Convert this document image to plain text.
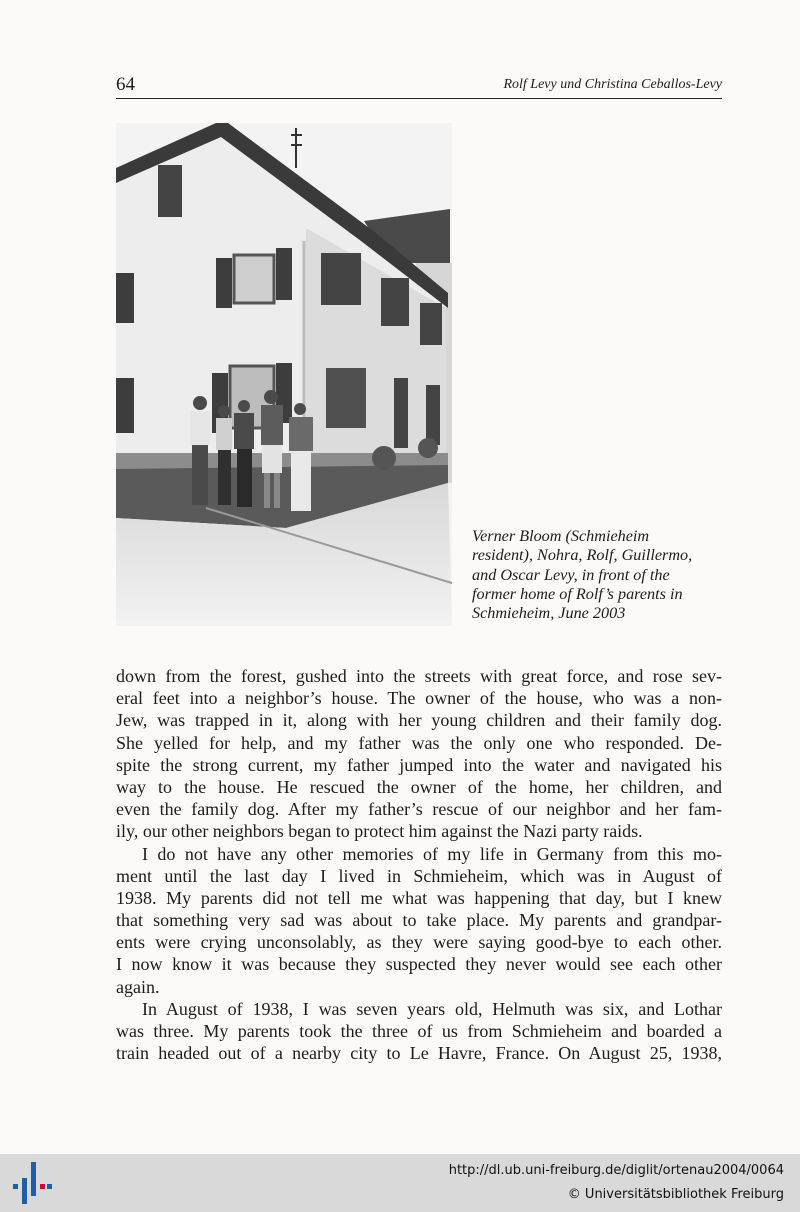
64	Rolf Levy und Christina Ceballos-Levy
Verner Bloom (Schmieheim
resident), Nohra, Rolf, Guillermo,
and Oscar Levy, in front of the
former home of Rolf’s parents in
Schmieheim, June 2003
down from the forest, gushed into the streets with great force, and rose sev-
eral feet into a neighbor’s house. The owner of the house, who was a non-
Jew, was trapped in it, along with her young children and their family dog.
She yelled for help, and my father was the only one who responded. De-
spite the strong current, my father jumped into the water and navigated his
way to the house. He rescued the owner of the home, her children, and
even the family dog. After my father’s rescue of our neighbor and her fam-
ily, our other neighbors began to protect him against the Nazi party raids.
I do not have any other memories of my life in Germany from this mo-
ment until the last day I lived in Schmieheim, which was in August of
1938. My parents did not tell me what was happening that day, but I knew
that something very sad was about to take place. My parents and grandpar-
ents were crying unconsolably, as they were saying good-bye to each other.
I now know it was because they suspected they never would see each other
again.
In August of 1938, I was seven years old, Helmuth was six, and Lothar
was three. My parents took the three of us from Schmieheim and boarded a
train headed out of a nearby city to Le Havre, France. On August 25, 1938,
http://dl.ub.uni-freiburg.de/diglit/ortenau2004/0064
© Universitätsbibliothek Freiburg
